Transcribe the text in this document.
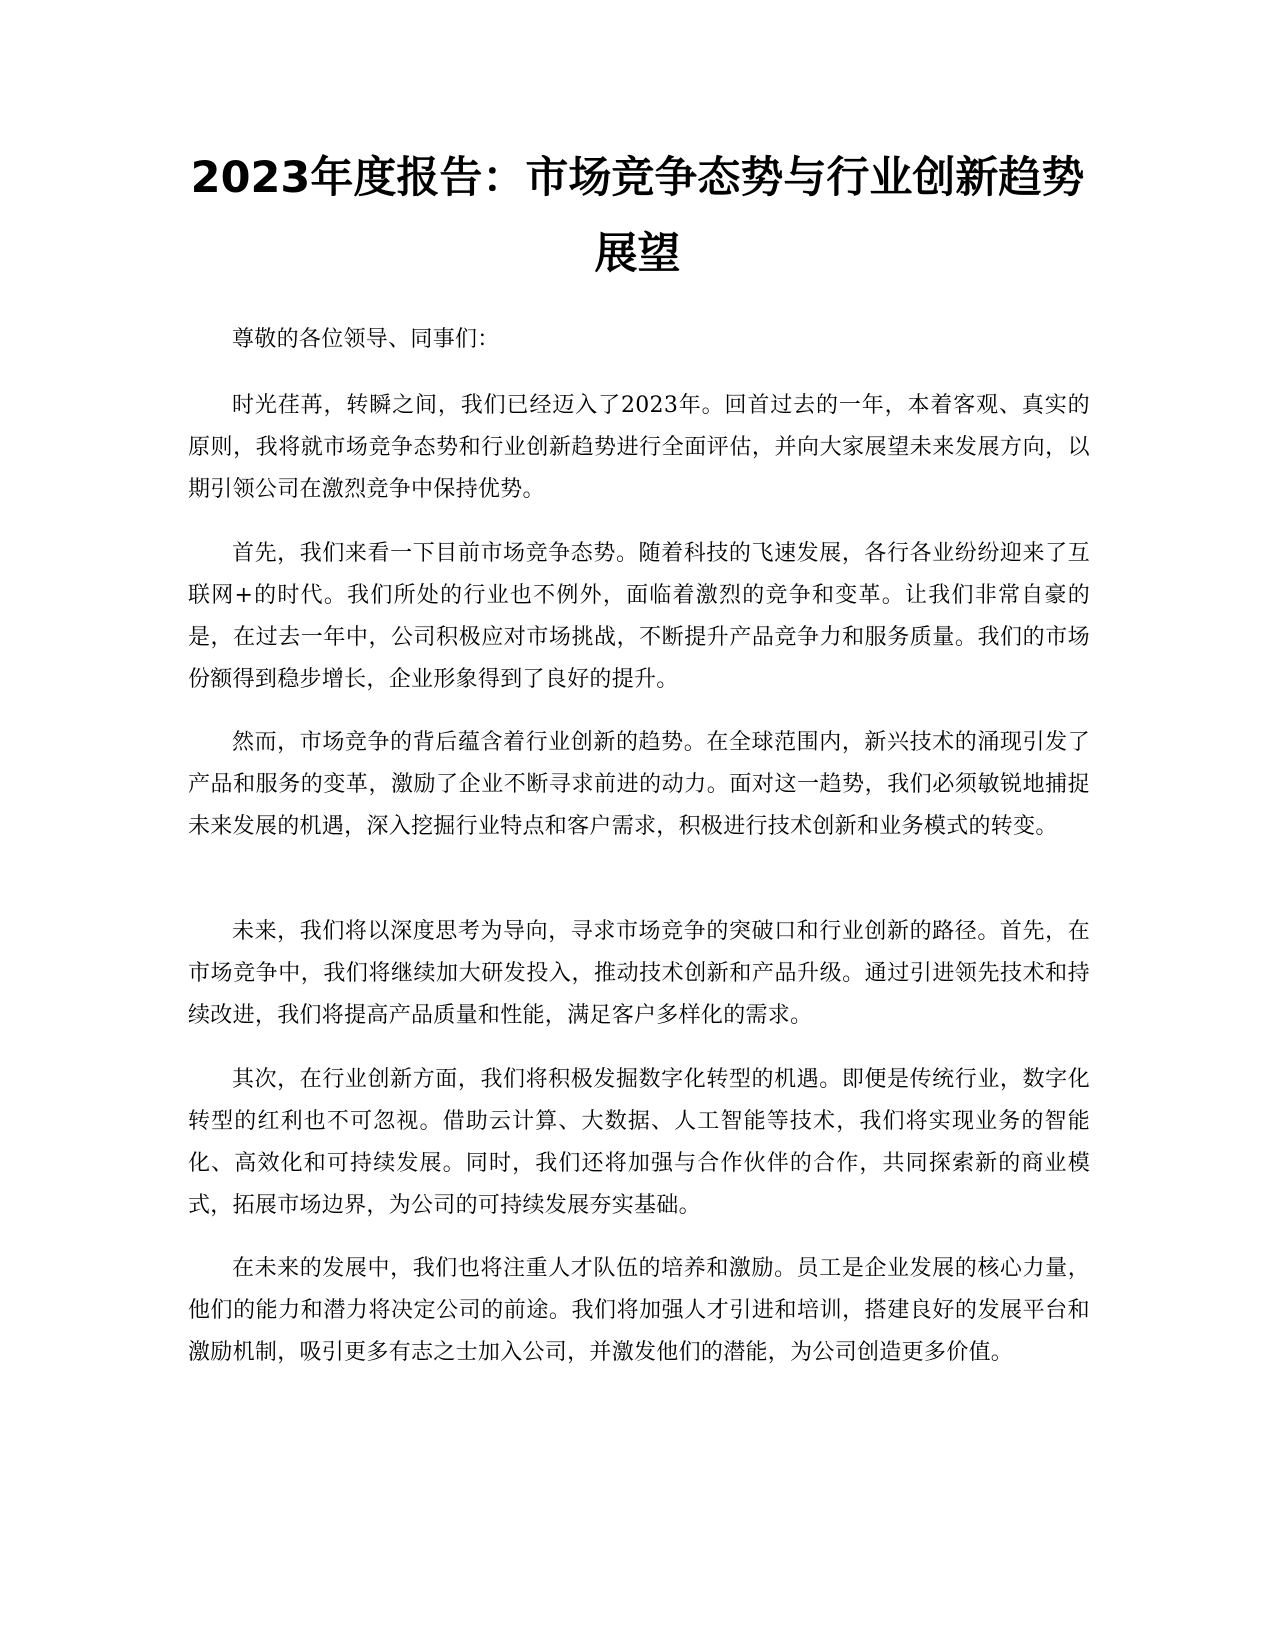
2023年度报告：市场竞争态势与行业创新趋势展望

尊敬的各位领导、同事们：

时光荏苒，转瞬之间，我们已经迈入了2023年。回首过去的一年，本着客观、真实的原则，我将就市场竞争态势和行业创新趋势进行全面评估，并向大家展望未来发展方向，以期引领公司在激烈竞争中保持优势。

首先，我们来看一下目前市场竞争态势。随着科技的飞速发展，各行各业纷纷迎来了互联网+的时代。我们所处的行业也不例外，面临着激烈的竞争和变革。让我们非常自豪的是，在过去一年中，公司积极应对市场挑战，不断提升产品竞争力和服务质量。我们的市场份额得到稳步增长，企业形象得到了良好的提升。

然而，市场竞争的背后蕴含着行业创新的趋势。在全球范围内，新兴技术的涌现引发了产品和服务的变革，激励了企业不断寻求前进的动力。面对这一趋势，我们必须敏锐地捕捉未来发展的机遇，深入挖掘行业特点和客户需求，积极进行技术创新和业务模式的转变。

未来，我们将以深度思考为导向，寻求市场竞争的突破口和行业创新的路径。首先，在市场竞争中，我们将继续加大研发投入，推动技术创新和产品升级。通过引进领先技术和持续改进，我们将提高产品质量和性能，满足客户多样化的需求。

其次，在行业创新方面，我们将积极发掘数字化转型的机遇。即便是传统行业，数字化转型的红利也不可忽视。借助云计算、大数据、人工智能等技术，我们将实现业务的智能化、高效化和可持续发展。同时，我们还将加强与合作伙伴的合作，共同探索新的商业模式，拓展市场边界，为公司的可持续发展夯实基础。

在未来的发展中，我们也将注重人才队伍的培养和激励。员工是企业发展的核心力量，他们的能力和潜力将决定公司的前途。我们将加强人才引进和培训，搭建良好的发展平台和激励机制，吸引更多有志之士加入公司，并激发他们的潜能，为公司创造更多价值。
